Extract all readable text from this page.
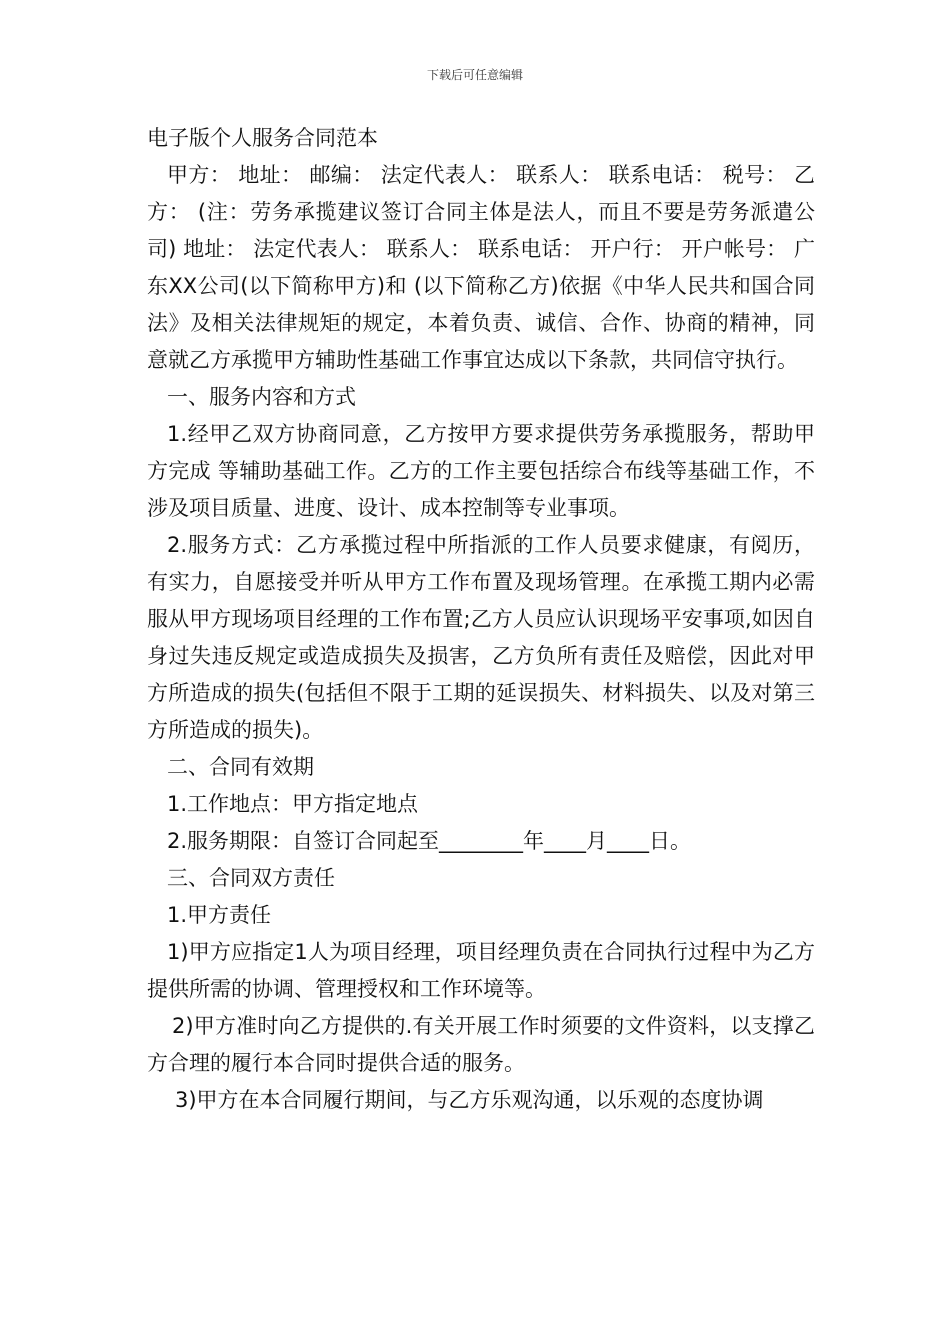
下载后可任意编辑
电子版个人服务合同范本

甲方： 地址： 邮编： 法定代表人： 联系人： 联系电话： 税号： 乙方： (注：劳务承揽建议签订合同主体是法人，而且不要是劳务派遣公司) 地址： 法定代表人： 联系人： 联系电话： 开户行： 开户帐号： 广东XX公司(以下简称甲方)和 (以下简称乙方)依据《中华人民共和国合同法》及相关法律规矩的规定，本着负责、诚信、合作、协商的精神，同意就乙方承揽甲方辅助性基础工作事宜达成以下条款，共同信守执行。

一、服务内容和方式

1.经甲乙双方协商同意，乙方按甲方要求提供劳务承揽服务，帮助甲方完成 等辅助基础工作。乙方的工作主要包括综合布线等基础工作，不涉及项目质量、进度、设计、成本控制等专业事项。

2.服务方式：乙方承揽过程中所指派的工作人员要求健康，有阅历，有实力，自愿接受并听从甲方工作布置及现场管理。在承揽工期内必需服从甲方现场项目经理的工作布置;乙方人员应认识现场平安事项,如因自身过失违反规定或造成损失及损害，乙方负所有责任及赔偿，因此对甲方所造成的损失(包括但不限于工期的延误损失、材料损失、以及对第三方所造成的损失)。

二、合同有效期

1.工作地点：甲方指定地点

2.服务期限：自签订合同起至________年____月____日。

三、合同双方责任

1.甲方责任

1)甲方应指定1人为项目经理，项目经理负责在合同执行过程中为乙方提供所需的协调、管理授权和工作环境等。

2)甲方准时向乙方提供的.有关开展工作时须要的文件资料，以支撑乙方合理的履行本合同时提供合适的服务。

3)甲方在本合同履行期间，与乙方乐观沟通，以乐观的态度协调
